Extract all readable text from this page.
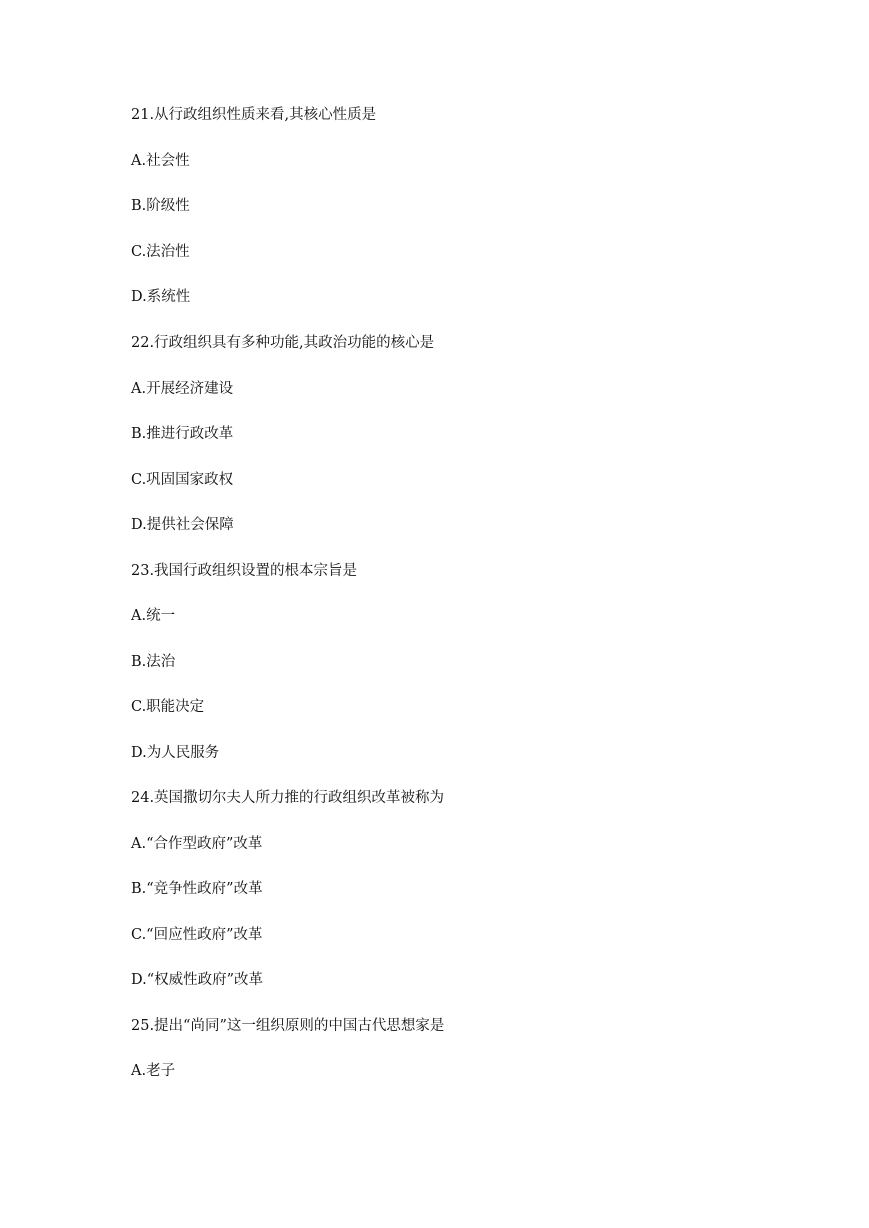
21.从行政组织性质来看,其核心性质是
A.社会性
B.阶级性
C.法治性
D.系统性
22.行政组织具有多种功能,其政治功能的核心是
A.开展经济建设
B.推进行政改革
C.巩固国家政权
D.提供社会保障
23.我国行政组织设置的根本宗旨是
A.统一
B.法治
C.职能决定
D.为人民服务
24.英国撒切尔夫人所力推的行政组织改革被称为
A.“合作型政府”改革
B.“竞争性政府”改革
C.“回应性政府”改革
D.“权威性政府”改革
25.提出“尚同”这一组织原则的中国古代思想家是
A.老子
